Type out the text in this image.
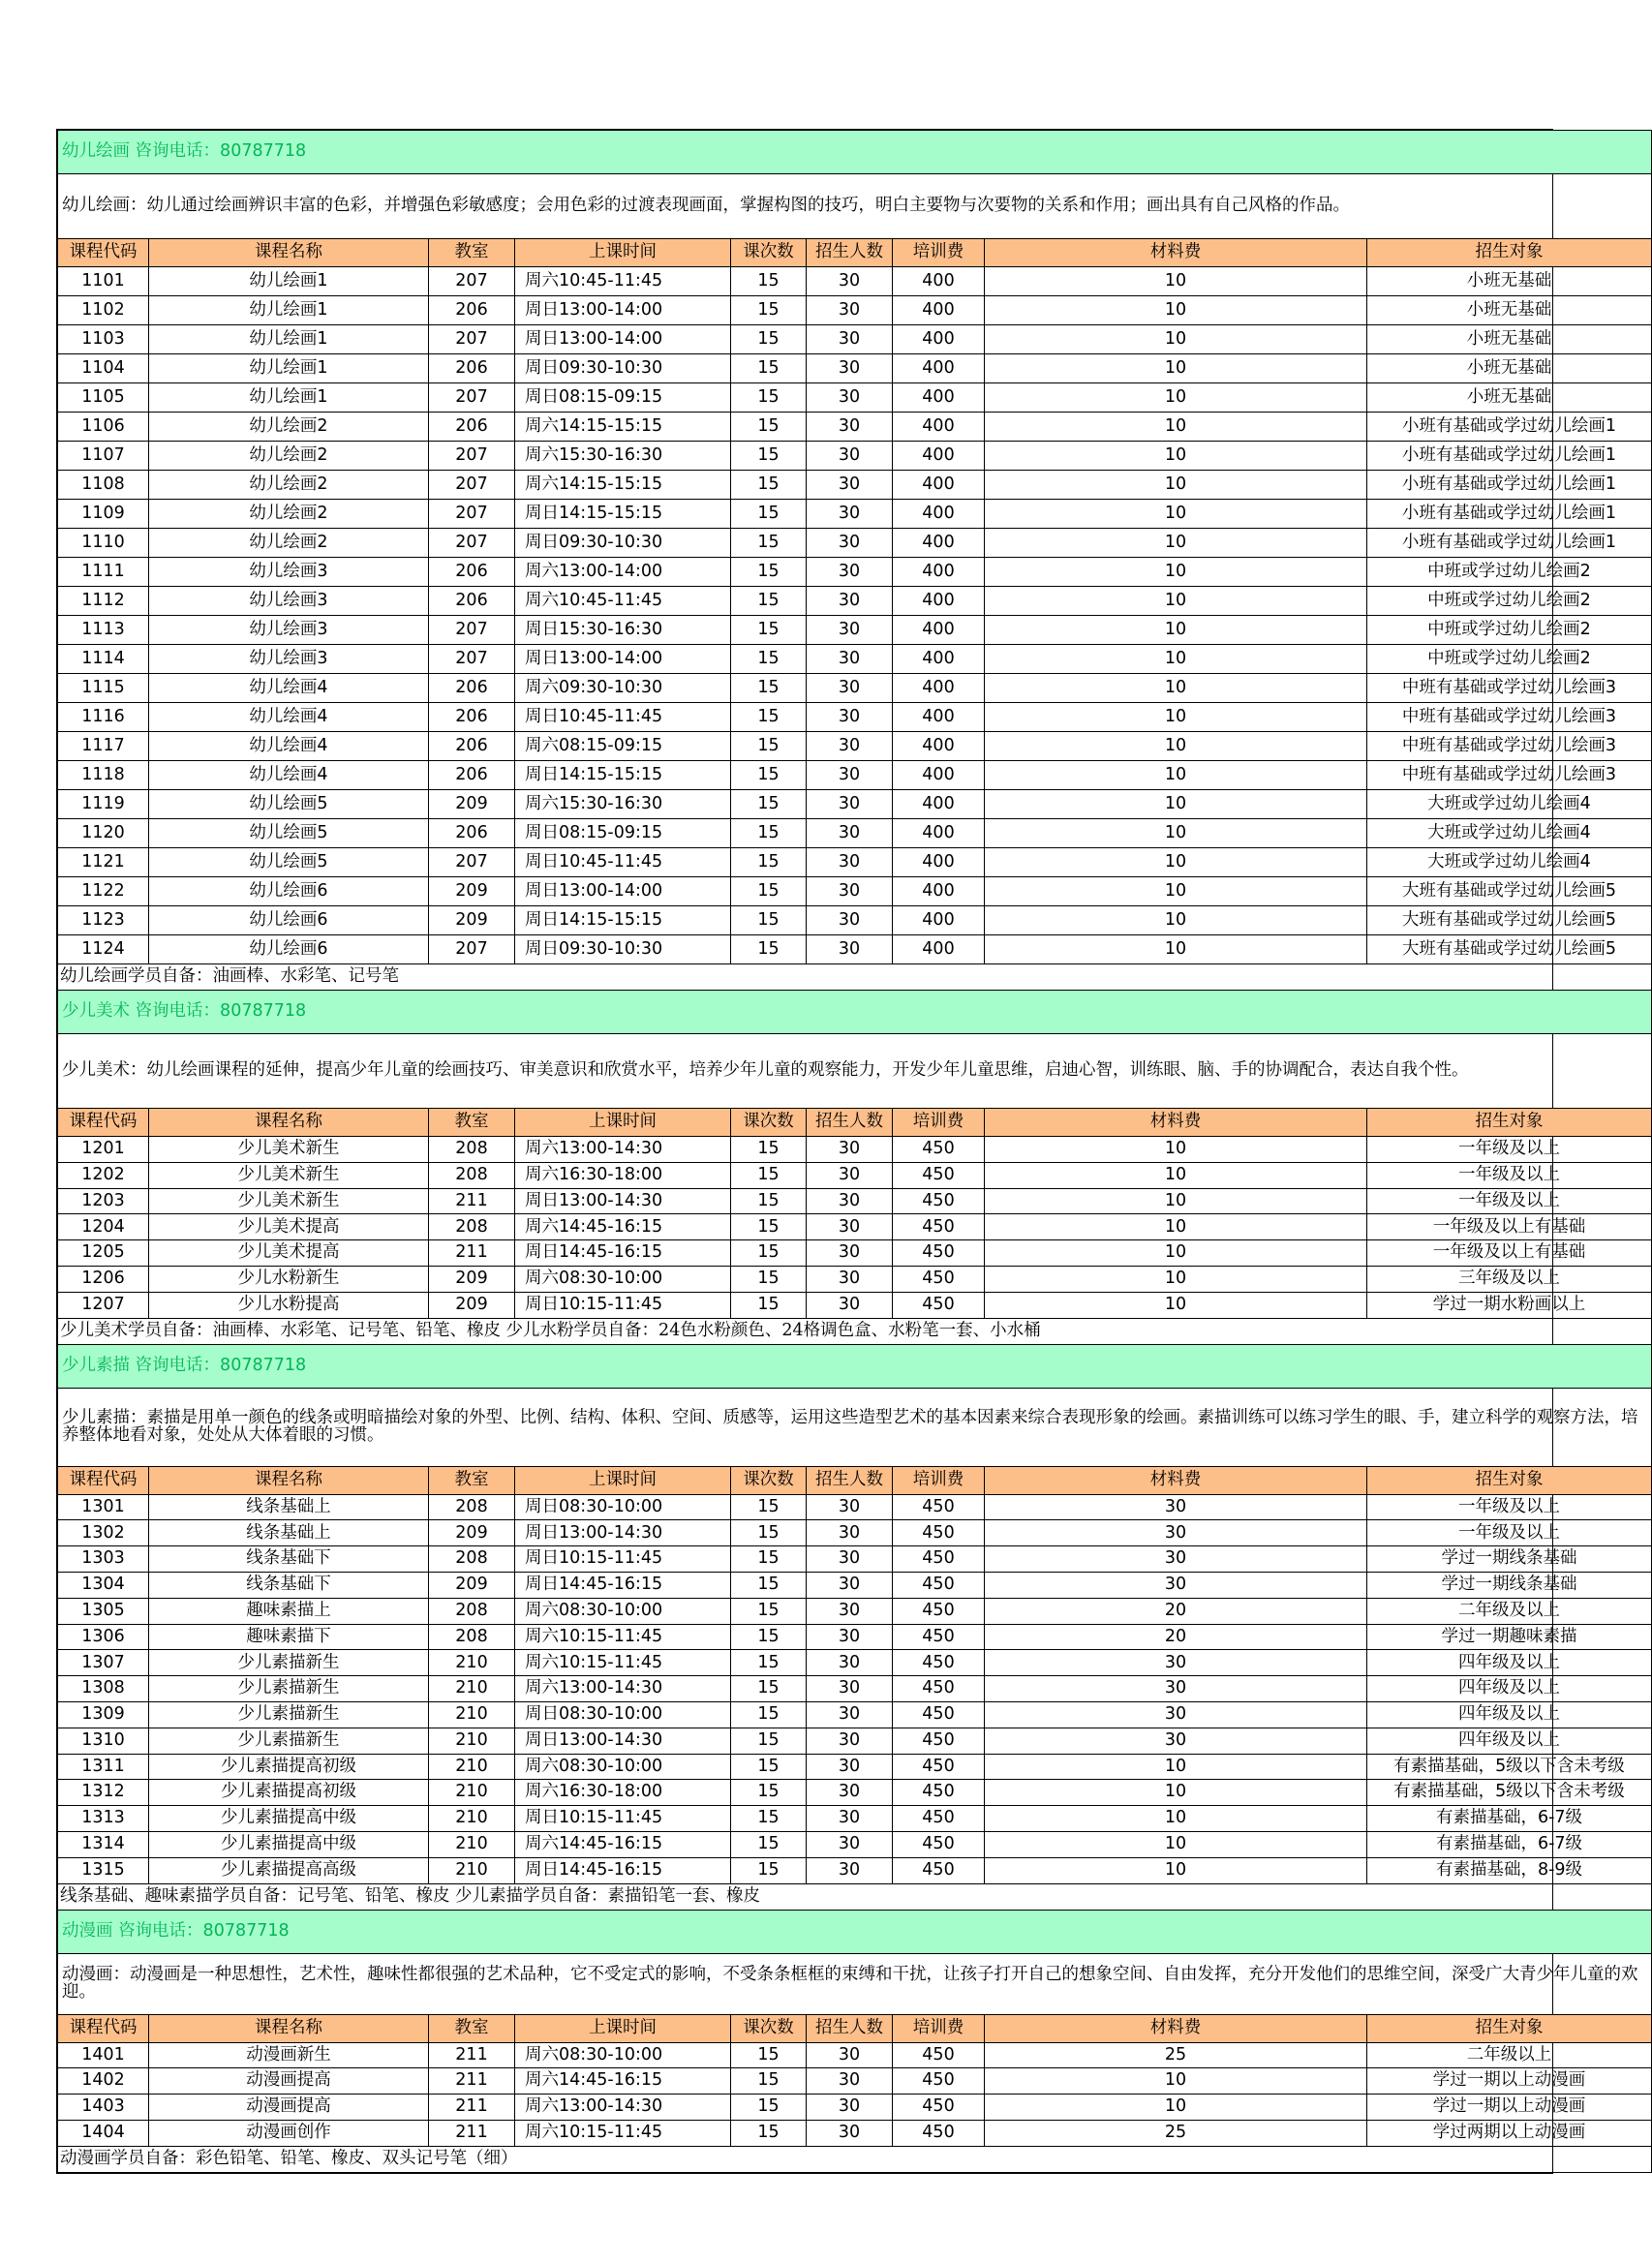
幼儿绘画 咨询电话：80787718								
幼儿绘画：幼儿通过绘画辨识丰富的色彩，并增强色彩敏感度；会用色彩的过渡表现画面，掌握构图的技巧，明白主要物与次要物的关系和作用；画出具有自己风格的作品。								
课程代码	课程名称	教室	上课时间	课次数	招生人数	培训费	材料费	招生对象
1101	幼儿绘画1	207	周六10:45-11:45	15	30	400	10	小班无基础
1102	幼儿绘画1	206	周日13:00-14:00	15	30	400	10	小班无基础
1103	幼儿绘画1	207	周日13:00-14:00	15	30	400	10	小班无基础
1104	幼儿绘画1	206	周日09:30-10:30	15	30	400	10	小班无基础
1105	幼儿绘画1	207	周日08:15-09:15	15	30	400	10	小班无基础
1106	幼儿绘画2	206	周六14:15-15:15	15	30	400	10	小班有基础或学过幼儿绘画1
1107	幼儿绘画2	207	周六15:30-16:30	15	30	400	10	小班有基础或学过幼儿绘画1
1108	幼儿绘画2	207	周六14:15-15:15	15	30	400	10	小班有基础或学过幼儿绘画1
1109	幼儿绘画2	207	周日14:15-15:15	15	30	400	10	小班有基础或学过幼儿绘画1
1110	幼儿绘画2	207	周日09:30-10:30	15	30	400	10	小班有基础或学过幼儿绘画1
1111	幼儿绘画3	206	周六13:00-14:00	15	30	400	10	中班或学过幼儿绘画2
1112	幼儿绘画3	206	周六10:45-11:45	15	30	400	10	中班或学过幼儿绘画2
1113	幼儿绘画3	207	周日15:30-16:30	15	30	400	10	中班或学过幼儿绘画2
1114	幼儿绘画3	207	周日13:00-14:00	15	30	400	10	中班或学过幼儿绘画2
1115	幼儿绘画4	206	周六09:30-10:30	15	30	400	10	中班有基础或学过幼儿绘画3
1116	幼儿绘画4	206	周日10:45-11:45	15	30	400	10	中班有基础或学过幼儿绘画3
1117	幼儿绘画4	206	周六08:15-09:15	15	30	400	10	中班有基础或学过幼儿绘画3
1118	幼儿绘画4	206	周日14:15-15:15	15	30	400	10	中班有基础或学过幼儿绘画3
1119	幼儿绘画5	209	周六15:30-16:30	15	30	400	10	大班或学过幼儿绘画4
1120	幼儿绘画5	206	周日08:15-09:15	15	30	400	10	大班或学过幼儿绘画4
1121	幼儿绘画5	207	周日10:45-11:45	15	30	400	10	大班或学过幼儿绘画4
1122	幼儿绘画6	209	周日13:00-14:00	15	30	400	10	大班有基础或学过幼儿绘画5
1123	幼儿绘画6	209	周日14:15-15:15	15	30	400	10	大班有基础或学过幼儿绘画5
1124	幼儿绘画6	207	周日09:30-10:30	15	30	400	10	大班有基础或学过幼儿绘画5
幼儿绘画学员自备：油画棒、水彩笔、记号笔								
少儿美术 咨询电话：80787718								
少儿美术：幼儿绘画课程的延伸，提高少年儿童的绘画技巧、审美意识和欣赏水平，培养少年儿童的观察能力，开发少年儿童思维，启迪心智，训练眼、脑、手的协调配合，表达自我个性。								
课程代码	课程名称	教室	上课时间	课次数	招生人数	培训费	材料费	招生对象
1201	少儿美术新生	208	周六13:00-14:30	15	30	450	10	一年级及以上
1202	少儿美术新生	208	周六16:30-18:00	15	30	450	10	一年级及以上
1203	少儿美术新生	211	周日13:00-14:30	15	30	450	10	一年级及以上
1204	少儿美术提高	208	周六14:45-16:15	15	30	450	10	一年级及以上有基础
1205	少儿美术提高	211	周日14:45-16:15	15	30	450	10	一年级及以上有基础
1206	少儿水粉新生	209	周六08:30-10:00	15	30	450	10	三年级及以上
1207	少儿水粉提高	209	周日10:15-11:45	15	30	450	10	学过一期水粉画以上
少儿美术学员自备：油画棒、水彩笔、记号笔、铅笔、橡皮 少儿水粉学员自备：24色水粉颜色、24格调色盒、水粉笔一套、小水桶								
少儿素描 咨询电话：80787718								
少儿素描：素描是用单一颜色的线条或明暗描绘对象的外型、比例、结构、体积、空间、质感等，运用这些造型艺术的基本因素来综合表现形象的绘画。素描训练可以练习学生的眼、手，建立科学的观察方法，培养整体地看对象，处处从大体着眼的习惯。								
课程代码	课程名称	教室	上课时间	课次数	招生人数	培训费	材料费	招生对象
1301	线条基础上	208	周日08:30-10:00	15	30	450	30	一年级及以上
1302	线条基础上	209	周日13:00-14:30	15	30	450	30	一年级及以上
1303	线条基础下	208	周日10:15-11:45	15	30	450	30	学过一期线条基础
1304	线条基础下	209	周日14:45-16:15	15	30	450	30	学过一期线条基础
1305	趣味素描上	208	周六08:30-10:00	15	30	450	20	二年级及以上
1306	趣味素描下	208	周六10:15-11:45	15	30	450	20	学过一期趣味素描
1307	少儿素描新生	210	周六10:15-11:45	15	30	450	30	四年级及以上
1308	少儿素描新生	210	周六13:00-14:30	15	30	450	30	四年级及以上
1309	少儿素描新生	210	周日08:30-10:00	15	30	450	30	四年级及以上
1310	少儿素描新生	210	周日13:00-14:30	15	30	450	30	四年级及以上
1311	少儿素描提高初级	210	周六08:30-10:00	15	30	450	10	有素描基础，5级以下含未考级
1312	少儿素描提高初级	210	周六16:30-18:00	15	30	450	10	有素描基础，5级以下含未考级
1313	少儿素描提高中级	210	周日10:15-11:45	15	30	450	10	有素描基础，6-7级
1314	少儿素描提高中级	210	周六14:45-16:15	15	30	450	10	有素描基础，6-7级
1315	少儿素描提高高级	210	周日14:45-16:15	15	30	450	10	有素描基础，8-9级
线条基础、趣味素描学员自备：记号笔、铅笔、橡皮 少儿素描学员自备：素描铅笔一套、橡皮								
动漫画 咨询电话：80787718								
动漫画：动漫画是一种思想性，艺术性，趣味性都很强的艺术品种，它不受定式的影响，不受条条框框的束缚和干扰，让孩子打开自己的想象空间、自由发挥，充分开发他们的思维空间，深受广大青少年儿童的欢迎。								
课程代码	课程名称	教室	上课时间	课次数	招生人数	培训费	材料费	招生对象
1401	动漫画新生	211	周六08:30-10:00	15	30	450	25	二年级以上
1402	动漫画提高	211	周六14:45-16:15	15	30	450	10	学过一期以上动漫画
1403	动漫画提高	211	周六13:00-14:30	15	30	450	10	学过一期以上动漫画
1404	动漫画创作	211	周六10:15-11:45	15	30	450	25	学过两期以上动漫画
动漫画学员自备：彩色铅笔、铅笔、橡皮、双头记号笔（细）								
